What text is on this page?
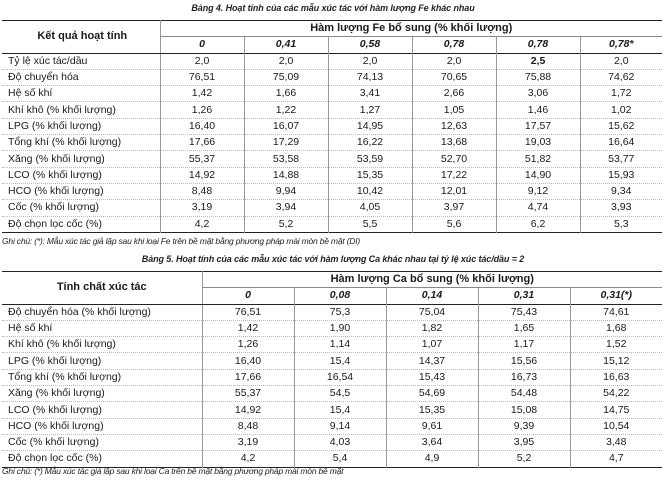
Bảng 4. Hoạt tính của các mẫu xúc tác với hàm lượng Fe khác nhau
Kết quả hoạt tính	Hàm lượng Fe bổ sung (% khối lượng)					
	0	0,41	0,58	0,78	0,78	0,78*
Tỷ lệ xúc tác/dầu	2,0	2,0	2,0	2,0	2,5	2,0
Độ chuyển hóa	76,51	75,09	74,13	70,65	75,88	74,62
Hệ số khí	1,42	1,66	3,41	2,66	3,06	1,72
Khí khô (% khối lượng)	1,26	1,22	1,27	1,05	1,46	1,02
LPG (% khối lượng)	16,40	16,07	14,95	12,63	17,57	15,62
Tổng khí (% khối lượng)	17,66	17,29	16,22	13,68	19,03	16,64
Xăng (% khối lượng)	55,37	53,58	53,59	52,70	51,82	53,77
LCO (% khối lượng)	14,92	14,88	15,35	17,22	14,90	15,93
HCO (% khối lượng)	8,48	9,94	10,42	12,01	9,12	9,34
Cốc (% khối lượng)	3,19	3,94	4,05	3,97	4,74	3,93
Độ chọn lọc cốc (%)	4,2	5,2	5,5	5,6	6,2	5,3
Ghi chú: (*): Mẫu xúc tác giả lập sau khi loại Fe trên bề mặt bằng phương pháp mài mòn bề mặt (DI)
Bảng 5. Hoạt tính của các mẫu xúc tác với hàm lượng Ca khác nhau tại tỷ lệ xúc tác/dầu = 2
Tính chất xúc tác	Hàm lượng Ca bổ sung (% khối lượng)				
	0	0,08	0,14	0,31	0,31(*)
Độ chuyển hóa (% khối lượng)	76,51	75,3	75,04	75,43	74,61
Hệ số khí	1,42	1,90	1,82	1,65	1,68
Khí khô (% khối lượng)	1,26	1,14	1,07	1,17	1,52
LPG (% khối lượng)	16,40	15,4	14,37	15,56	15,12
Tổng khí (% khối lượng)	17,66	16,54	15,43	16,73	16,63
Xăng (% khối lượng)	55,37	54,5	54,69	54,48	54,22
LCO (% khối lượng)	14,92	15,4	15,35	15,08	14,75
HCO (% khối lượng)	8,48	9,14	9,61	9,39	10,54
Cốc (% khối lượng)	3,19	4,03	3,64	3,95	3,48
Độ chọn lọc cốc (%)	4,2	5,4	4,9	5,2	4,7
Ghi chú: (*) Mẫu xúc tác giả lập sau khi loại Ca trên bề mặt bằng phương pháp mài mòn bề mặt
